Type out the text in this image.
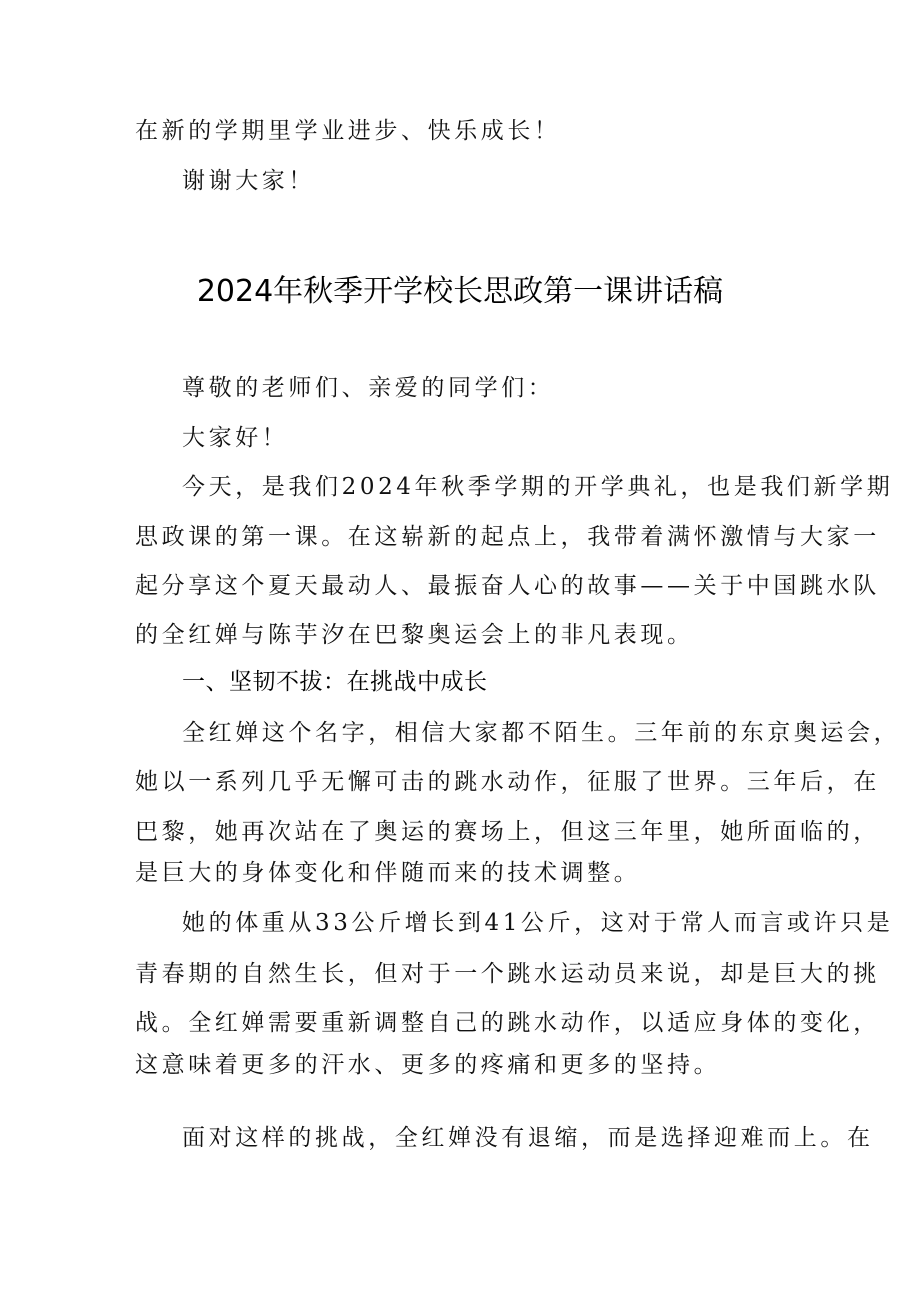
在新的学期里学业进步、快乐成长！
谢谢大家！
2024年秋季开学校长思政第一课讲话稿
尊敬的老师们、亲爱的同学们：
大家好！
今天，是我们2024年秋季学期的开学典礼，也是我们新学期
思政课的第一课。在这崭新的起点上，我带着满怀激情与大家一
起分享这个夏天最动人、最振奋人心的故事——关于中国跳水队
的全红婵与陈芋汐在巴黎奥运会上的非凡表现。
一、坚韧不拔：在挑战中成长
全红婵这个名字，相信大家都不陌生。三年前的东京奥运会，
她以一系列几乎无懈可击的跳水动作，征服了世界。三年后，在
巴黎，她再次站在了奥运的赛场上，但这三年里，她所面临的，
是巨大的身体变化和伴随而来的技术调整。
她的体重从33公斤增长到41公斤，这对于常人而言或许只是
青春期的自然生长，但对于一个跳水运动员来说，却是巨大的挑
战。全红婵需要重新调整自己的跳水动作，以适应身体的变化，
这意味着更多的汗水、更多的疼痛和更多的坚持。
面对这样的挑战，全红婵没有退缩，而是选择迎难而上。在
